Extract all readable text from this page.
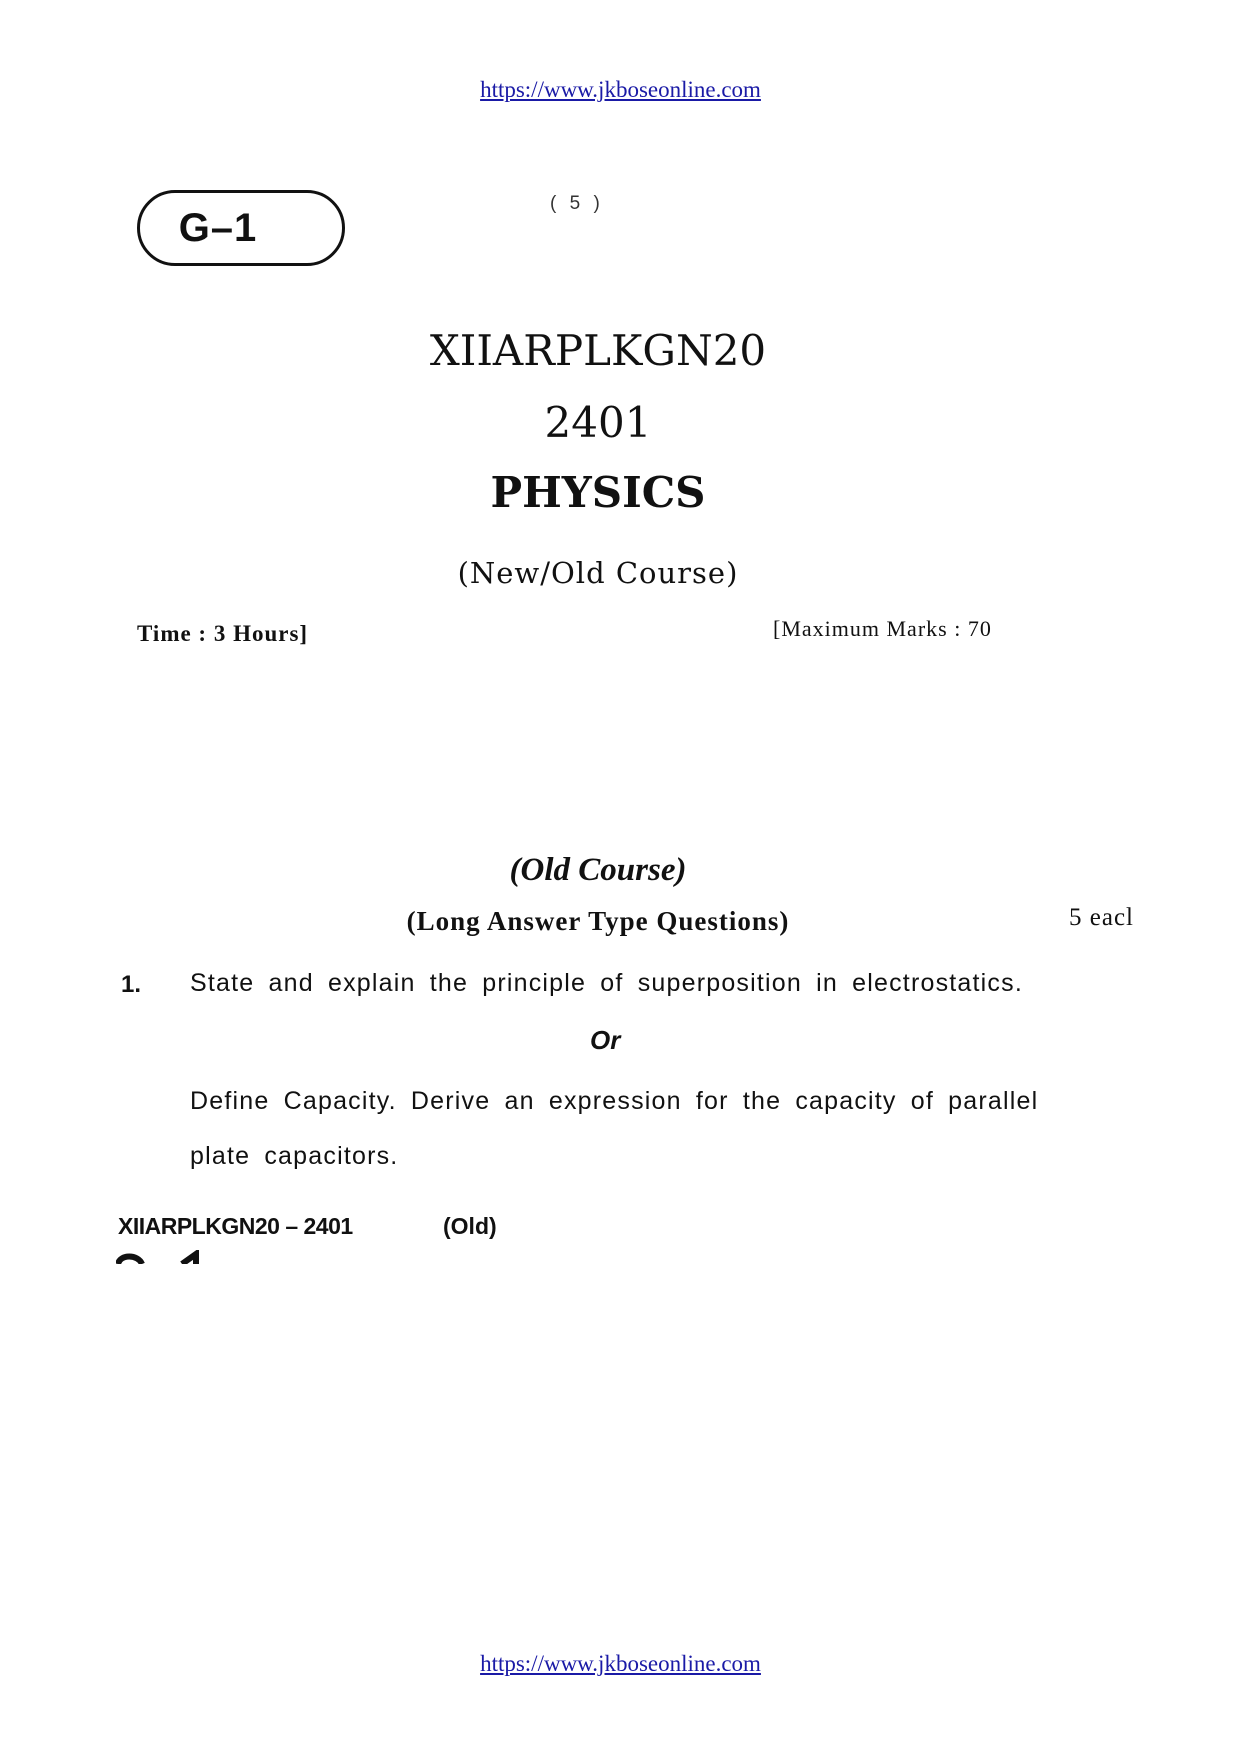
https://www.jkboseonline.com
G–1
( 5 )
XIIARPLKGN20
2401
PHYSICS
(New/Old Course)
Time : 3 Hours]	[Maximum Marks : 70
(Old Course)
(Long Answer Type Questions)	5 eacl
1. State and explain the principle of superposition in electrostatics.
Or
Define Capacity. Derive an expression for the capacity of parallel
plate capacitors.
XIIARPLKGN20 – 2401	(Old)
https://www.jkboseonline.com
